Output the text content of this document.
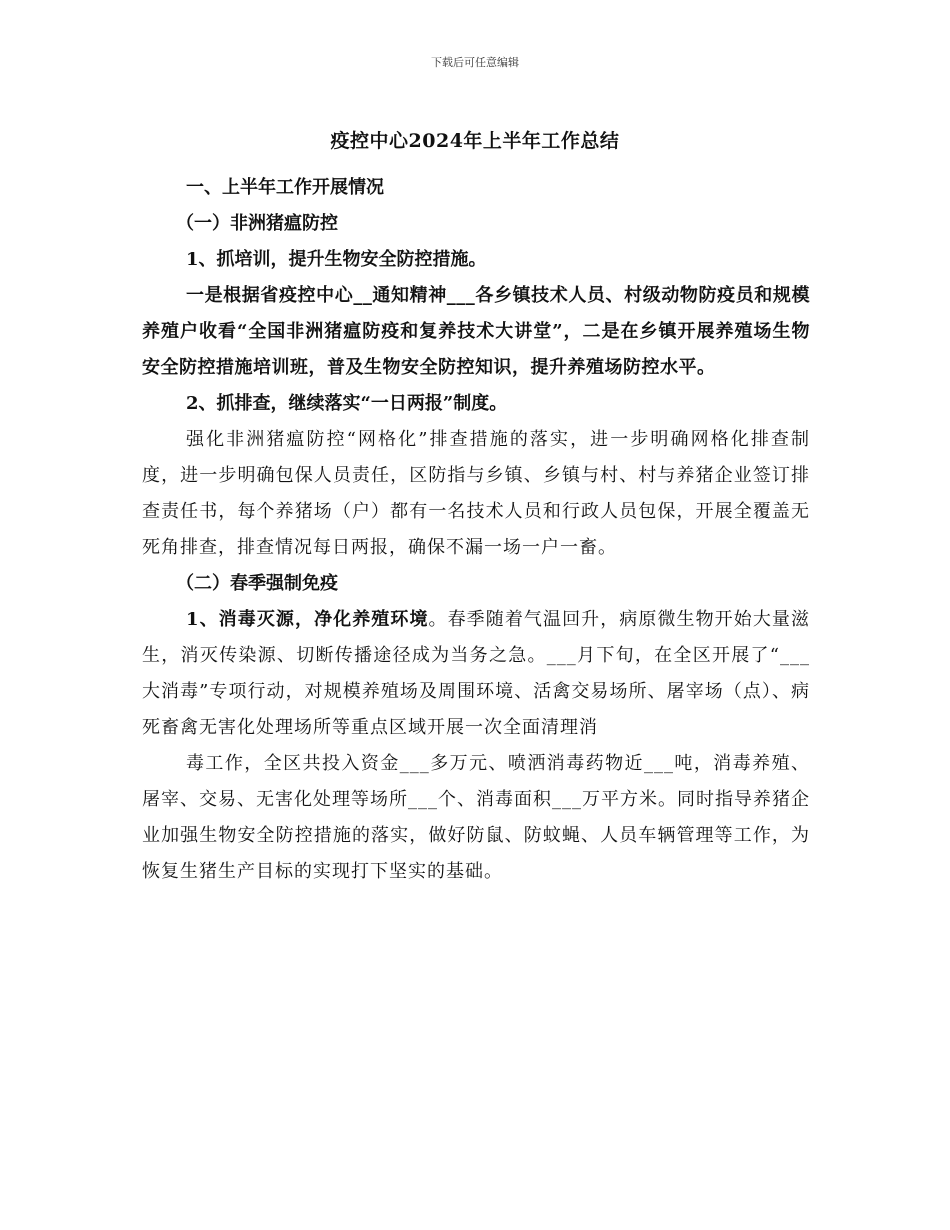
下载后可任意编辑
疫控中心2024年上半年工作总结
一、上半年工作开展情况
（一）非洲猪瘟防控
1、抓培训，提升生物安全防控措施。

一是根据省疫控中心__通知精神___各乡镇技术人员、村级动物防疫员和规模养殖户收看“全国非洲猪瘟防疫和复养技术大讲堂”，二是在乡镇开展养殖场生物安全防控措施培训班，普及生物安全防控知识，提升养殖场防控水平。

2、抓排查，继续落实“一日两报”制度。

强化非洲猪瘟防控“网格化”排查措施的落实，进一步明确网格化排查制度，进一步明确包保人员责任，区防指与乡镇、乡镇与村、村与养猪企业签订排查责任书，每个养猪场（户）都有一名技术人员和行政人员包保，开展全覆盖无死角排查，排查情况每日两报，确保不漏一场一户一畜。

（二）春季强制免疫

1、消毒灭源，净化养殖环境。春季随着气温回升，病原微生物开始大量滋生，消灭传染源、切断传播途径成为当务之急。___月下旬，在全区开展了“___大消毒”专项行动，对规模养殖场及周围环境、活禽交易场所、屠宰场（点）、病死畜禽无害化处理场所等重点区域开展一次全面清理消

毒工作，全区共投入资金___多万元、喷洒消毒药物近___吨，消毒养殖、屠宰、交易、无害化处理等场所___个、消毒面积___万平方米。同时指导养猪企业加强生物安全防控措施的落实，做好防鼠、防蚊蝇、人员车辆管理等工作，为恢复生猪生产目标的实现打下坚实的基础。
